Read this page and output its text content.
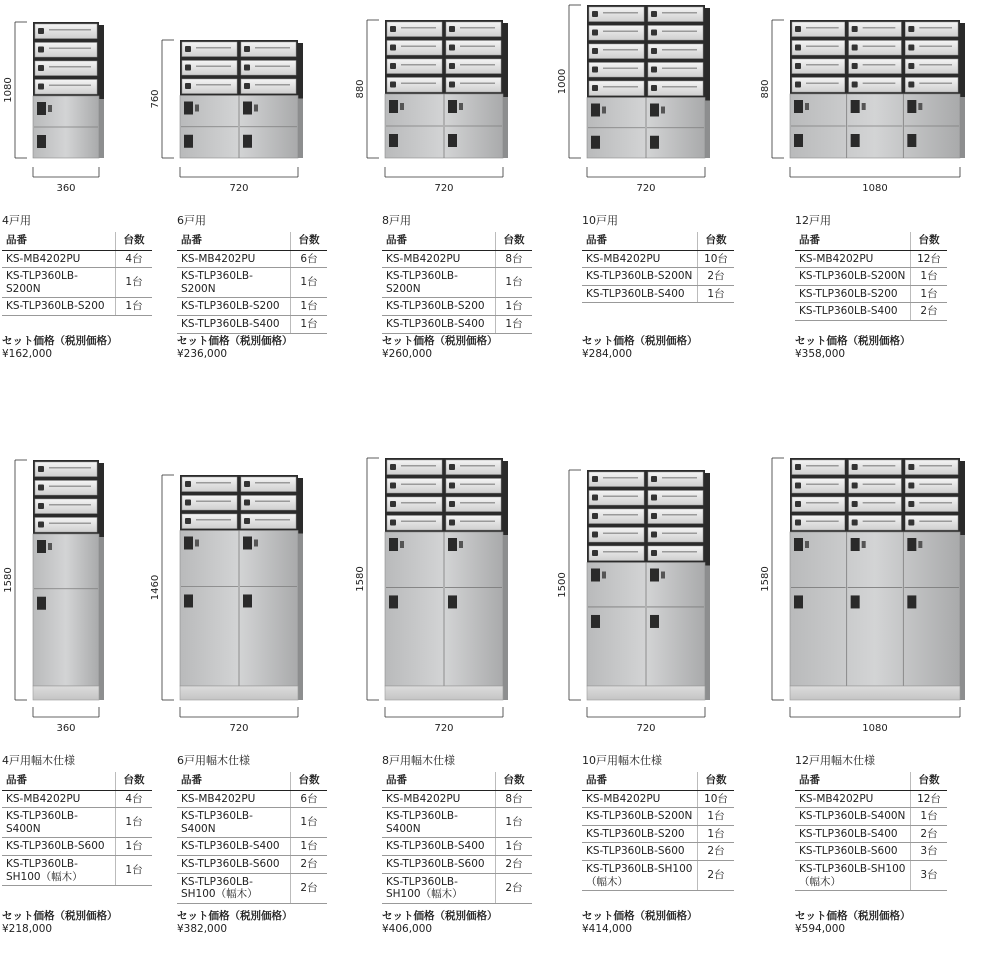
4戸用
品番	台数
KS-MB4202PU	4台
KS-TLP360LB-S200N	1台
KS-TLP360LB-S200	1台
セット価格（税別価格）
¥162,000
6戸用
品番	台数
KS-MB4202PU	6台
KS-TLP360LB-S200N	1台
KS-TLP360LB-S200	1台
KS-TLP360LB-S400	1台
セット価格（税別価格）
¥236,000
8戸用
品番	台数
KS-MB4202PU	8台
KS-TLP360LB-S200N	1台
KS-TLP360LB-S200	1台
KS-TLP360LB-S400	1台
セット価格（税別価格）
¥260,000
10戸用
品番	台数
KS-MB4202PU	10台
KS-TLP360LB-S200N	2台
KS-TLP360LB-S400	1台
セット価格（税別価格）
¥284,000
12戸用
品番	台数
KS-MB4202PU	12台
KS-TLP360LB-S200N	1台
KS-TLP360LB-S200	1台
KS-TLP360LB-S400	2台
セット価格（税別価格）
¥358,000
4戸用幅木仕様
品番	台数
KS-MB4202PU	4台
KS-TLP360LB-S400N	1台
KS-TLP360LB-S600	1台
KS-TLP360LB-SH100（幅木）	1台
セット価格（税別価格）
¥218,000
6戸用幅木仕様
品番	台数
KS-MB4202PU	6台
KS-TLP360LB-S400N	1台
KS-TLP360LB-S400	1台
KS-TLP360LB-S600	2台
KS-TLP360LB-SH100（幅木）	2台
セット価格（税別価格）
¥382,000
8戸用幅木仕様
品番	台数
KS-MB4202PU	8台
KS-TLP360LB-S400N	1台
KS-TLP360LB-S400	1台
KS-TLP360LB-S600	2台
KS-TLP360LB-SH100（幅木）	2台
セット価格（税別価格）
¥406,000
10戸用幅木仕様
品番	台数
KS-MB4202PU	10台
KS-TLP360LB-S200N	1台
KS-TLP360LB-S200	1台
KS-TLP360LB-S600	2台
KS-TLP360LB-SH100（幅木）	2台
セット価格（税別価格）
¥414,000
12戸用幅木仕様
品番	台数
KS-MB4202PU	12台
KS-TLP360LB-S400N	1台
KS-TLP360LB-S400	2台
KS-TLP360LB-S600	3台
KS-TLP360LB-SH100（幅木）	3台
セット価格（税別価格）
¥594,000
1080
360
760
720
880
720
1000
720
880
1080
1580
360
1460
720
1580
720
1500
720
1580
1080
